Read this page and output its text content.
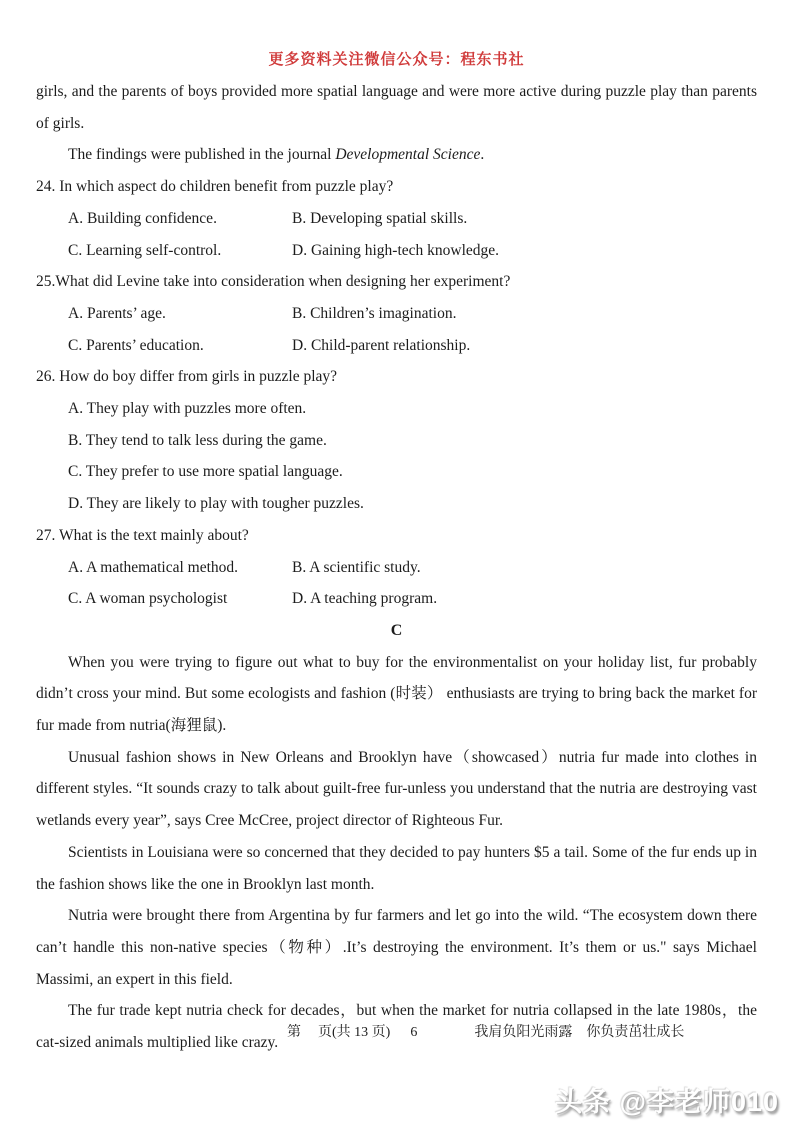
更多资料关注微信公众号：程东书社
girls, and the parents of boys provided more spatial language and were more active during puzzle play than parents of girls.
The findings were published in the journal Developmental Science.
24. In which aspect do children benefit from puzzle play?
A. Building confidence.	B. Developing spatial skills.
C. Learning self-control.	D. Gaining high-tech knowledge.
25.What did Levine take into consideration when designing her experiment?
A. Parents’ age.	B. Children’s imagination.
C. Parents’ education.	D. Child-parent relationship.
26. How do boy differ from girls in puzzle play?
A. They play with puzzles more often.
B. They tend to talk less during the game.
C. They prefer to use more spatial language.
D. They are likely to play with tougher puzzles.
27. What is the text mainly about?
A. A mathematical method.	B. A scientific study.
C. A woman psychologist	D. A teaching program.
C

When you were trying to figure out what to buy for the environmentalist on your holiday list, fur probably didn’t cross your mind. But some ecologists and fashion (时装） enthusiasts are trying to bring back the market for fur made from nutria(海狸鼠).

Unusual fashion shows in New Orleans and Brooklyn have（showcased）nutria fur made into clothes in different styles. “It sounds crazy to talk about guilt-free fur-unless you understand that the nutria are destroying vast wetlands every year”, says Cree McCree, project director of Righteous Fur.

Scientists in Louisiana were so concerned that they decided to pay hunters $5 a tail. Some of the fur ends up in the fashion shows like the one in Brooklyn last month.

Nutria were brought there from Argentina by fur farmers and let go into the wild. “The ecosystem down there can’t handle this non-native species（物种）.It’s destroying the environment. It’s them or us." says Michael Massimi, an expert in this field.

The fur trade kept nutria check for decades，but when the market for nutria collapsed in the late 1980s，the cat-sized animals multiplied like crazy.

第 页(共 13 页) 6	我肩负阳光雨露 你负责茁壮成长
头条 @李老师010
